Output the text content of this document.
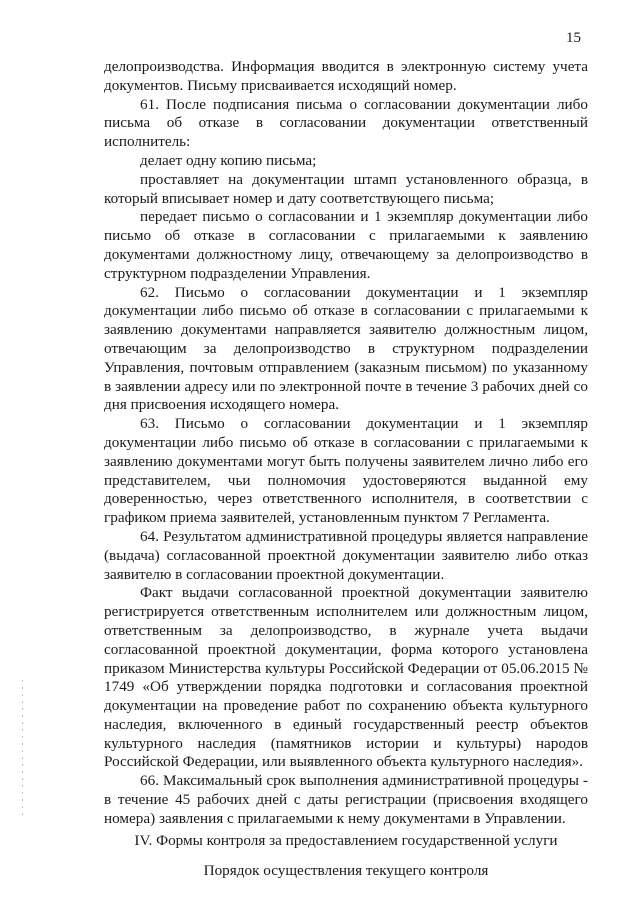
15

делопроизводства. Информация вводится в электронную систему учета документов. Письму присваивается исходящий номер.

61. После подписания письма о согласовании документации либо письма об отказе в согласовании документации ответственный исполнитель:

делает одну копию письма;

проставляет на документации штамп установленного образца, в который вписывает номер и дату соответствующего письма;

передает письмо о согласовании и 1 экземпляр документации либо письмо об отказе в согласовании с прилагаемыми к заявлению документами должностному лицу, отвечающему за делопроизводство в структурном подразделении Управления.

62. Письмо о согласовании документации и 1 экземпляр документации либо письмо об отказе в согласовании с прилагаемыми к заявлению документами направляется заявителю должностным лицом, отвечающим за делопроизводство в структурном подразделении Управления, почтовым отправлением (заказным письмом) по указанному в заявлении адресу или по электронной почте в течение 3 рабочих дней со дня присвоения исходящего номера.

63. Письмо о согласовании документации и 1 экземпляр документации либо письмо об отказе в согласовании с прилагаемыми к заявлению документами могут быть получены заявителем лично либо его представителем, чьи полномочия удостоверяются выданной ему доверенностью, через ответственного исполнителя, в соответствии с графиком приема заявителей, установленным пунктом 7 Регламента.

64. Результатом административной процедуры является направление (выдача) согласованной проектной документации заявителю либо отказ заявителю в согласовании проектной документации.

Факт выдачи согласованной проектной документации заявителю регистрируется ответственным исполнителем или должностным лицом, ответственным за делопроизводство, в журнале учета выдачи согласованной проектной документации, форма которого установлена приказом Министерства культуры Российской Федерации от 05.06.2015 № 1749 «Об утверждении порядка подготовки и согласования проектной документации на проведение работ по сохранению объекта культурного наследия, включенного в единый государственный реестр объектов культурного наследия (памятников истории и культуры) народов Российской Федерации, или выявленного объекта культурного наследия».

66. Максимальный срок выполнения административной процедуры - в течение 45 рабочих дней с даты регистрации (присвоения входящего номера) заявления с прилагаемыми к нему документами в Управлении.

IV. Формы контроля за предоставлением государственной услуги
Порядок осуществления текущего контроля
